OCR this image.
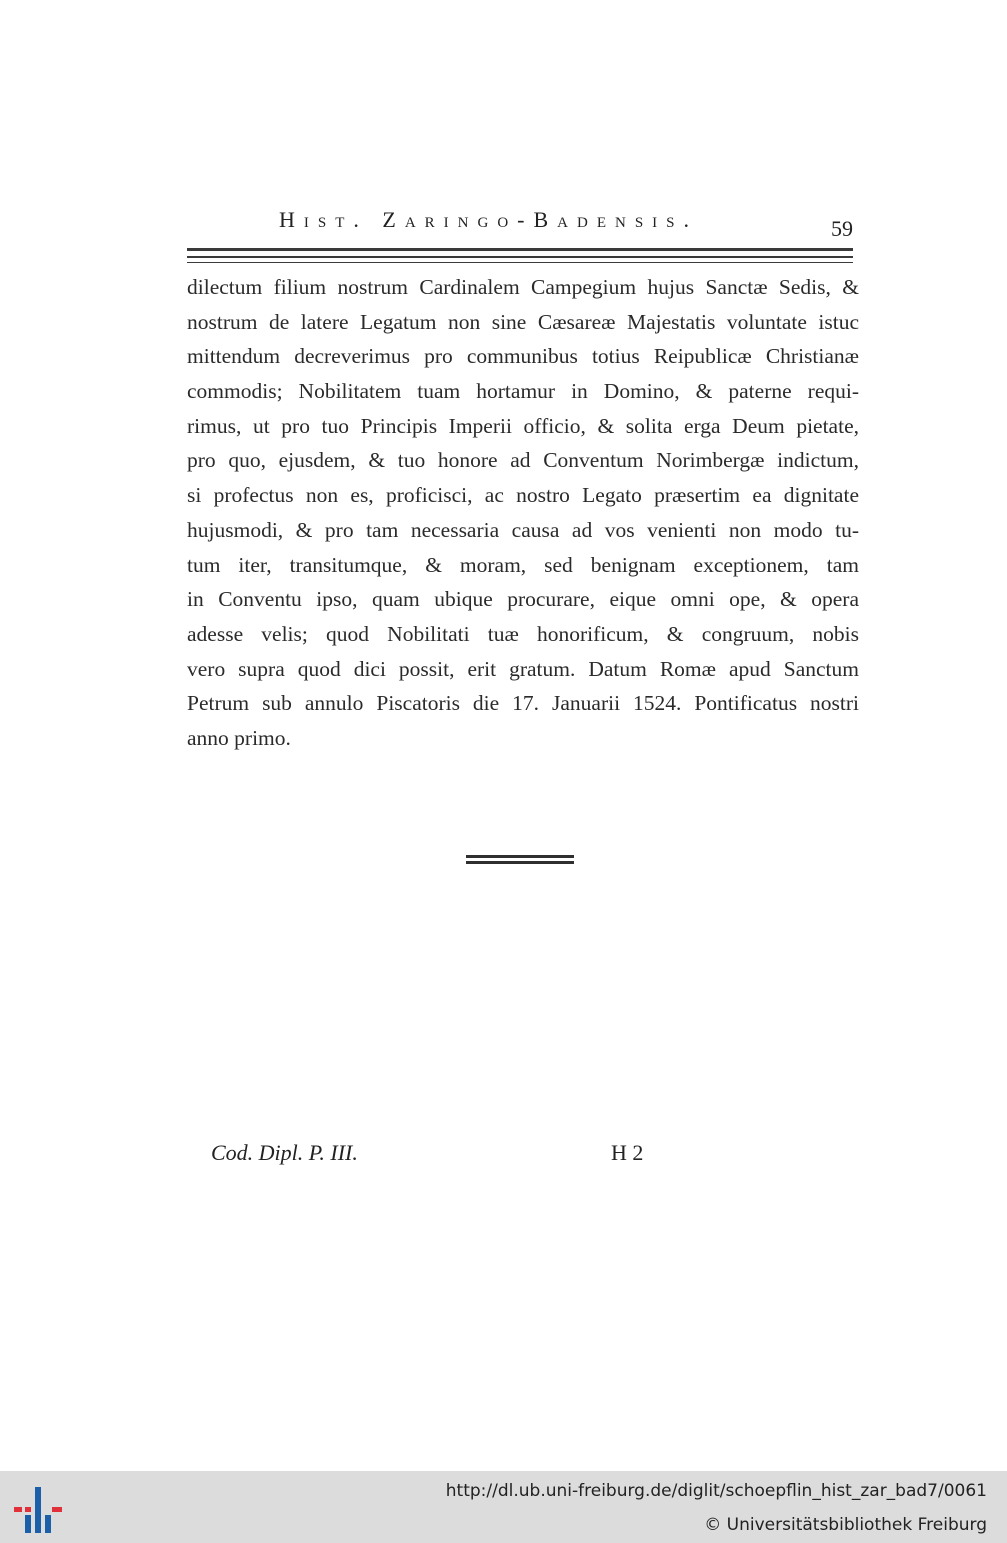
Hist. Zaringo-Badensis.	59
dilectum filium nostrum Cardinalem Campegium hujus Sanctæ Sedis, &
nostrum de latere Legatum non sine Cæsareæ Majestatis voluntate istuc
mittendum decreverimus pro communibus totius Reipublicæ Christianæ
commodis; Nobilitatem tuam hortamur in Domino, & paterne requi-
rimus, ut pro tuo Principis Imperii officio, & solita erga Deum pietate,
pro quo, ejusdem, & tuo honore ad Conventum Norimbergæ indictum,
si profectus non es, proficisci, ac nostro Legato præsertim ea dignitate
hujusmodi, & pro tam necessaria causa ad vos venienti non modo tu-
tum iter, transitumque, & moram, sed benignam exceptionem, tam
in Conventu ipso, quam ubique procurare, eique omni ope, & opera
adesse velis; quod Nobilitati tuæ honorificum, & congruum, nobis
vero supra quod dici possit, erit gratum. Datum Romæ apud Sanctum
Petrum sub annulo Piscatoris die 17. Januarii 1524. Pontificatus nostri
anno primo.
Cod. Dipl. P. III.	H 2
http://dl.ub.uni-freiburg.de/diglit/schoepflin_hist_zar_bad7/0061
© Universitätsbibliothek Freiburg
